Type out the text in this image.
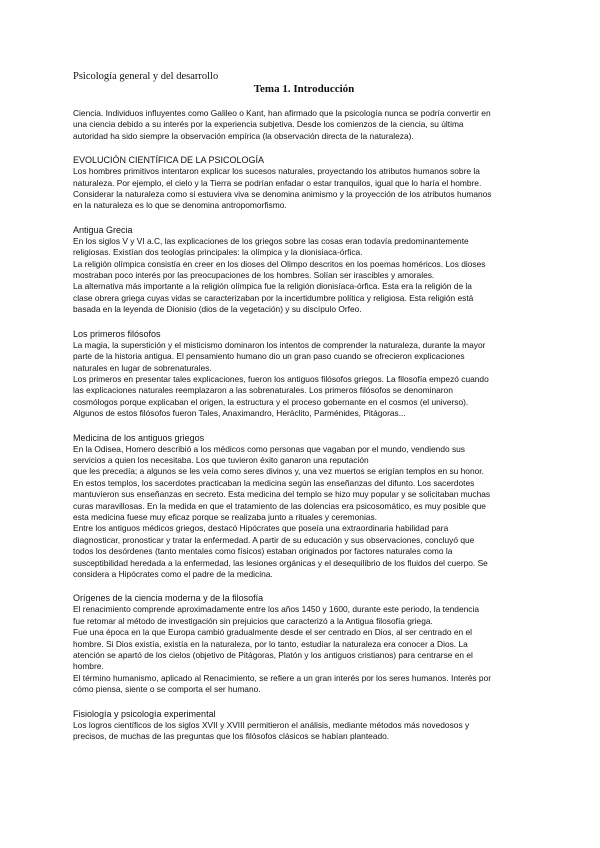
Psicología general y del desarrollo

Tema 1. Introducción

Ciencia. Individuos influyentes como Galileo o Kant, han afirmado que la psicología nunca se podría convertir en
una ciencia debido a su interés por la experiencia subjetiva. Desde los comienzos de la ciencia, su última
autoridad ha sido siempre la observación empírica (la observación directa de la naturaleza).

EVOLUCIÓN CIENTÍFICA DE LA PSICOLOGÍA

Los hombres primitivos intentaron explicar los sucesos naturales, proyectando los atributos humanos sobre la
naturaleza. Por ejemplo, el cielo y la Tierra se podrían enfadar o estar tranquilos, igual que lo haría el hombre.
Considerar la naturaleza como si estuviera viva se denomina animismo y la proyección de los atributos humanos
en la naturaleza es lo que se denomina antropomorfismo.

Antigua Grecia

En los siglos V y VI a.C, las explicaciones de los griegos sobre las cosas eran todavía predominantemente
religiosas. Existían dos teologías principales: la olímpica y la dionisiaca-órfica.
La religión olímpica consistía en creer en los dioses del Olimpo descritos en los poemas homéricos. Los dioses
mostraban poco interés por las preocupaciones de los hombres. Solían ser irascibles y amorales.
La alternativa más importante a la religión olímpica fue la religión dionisíaca-órfica. Esta era la religión de la
clase obrera griega cuyas vidas se caracterizaban por la incertidumbre política y religiosa. Esta religión está
basada en la leyenda de Dionisio (dios de la vegetación) y su discípulo Orfeo.

Los primeros filósofos

La magia, la superstición y el misticismo dominaron los intentos de comprender la naturaleza, durante la mayor
parte de la historia antigua. El pensamiento humano dio un gran paso cuando se ofrecieron explicaciones
naturales en lugar de sobrenaturales.
Los primeros en presentar tales explicaciones, fueron los antiguos filósofos griegos. La filosofía empezó cuando
las explicaciones naturales reemplazaron a las sobrenaturales. Los primeros filósofos se denominaron
cosmólogos porque explicaban el origen, la estructura y el proceso gobernante en el cosmos (el universo).
Algunos de estos filósofos fueron Tales, Anaximandro, Heráclito, Parménides, Pitágoras...

Medicina de los antiguos griegos

En la Odisea, Homero describió a los médicos como personas que vagaban por el mundo, vendiendo sus
servicios a quien los necesitaba. Los que tuvieron éxito ganaron una reputación
que les precedía; a algunos se les veía como seres divinos y, una vez muertos se erigían templos en su honor.
En estos templos, los sacerdotes practicaban la medicina según las enseñanzas del difunto. Los sacerdotes
mantuvieron sus enseñanzas en secreto. Esta medicina del templo se hizo muy popular y se solicitaban muchas
curas maravillosas. En la medida en que el tratamiento de las dolencias era psicosomático, es muy posible que
esta medicina fuese muy eficaz porque se realizaba junto a rituales y ceremonias.
Entre los antiguos médicos griegos, destacó Hipócrates que poseía una extraordinaria habilidad para
diagnosticar, pronosticar y tratar la enfermedad. A partir de su educación y sus observaciones, concluyó que
todos los desórdenes (tanto mentales como físicos) estaban originados por factores naturales como la
susceptibilidad heredada a la enfermedad, las lesiones orgánicas y el desequilibrio de los fluidos del cuerpo. Se
considera a Hipócrates como el padre de la medicina.

Orígenes de la ciencia moderna y de la filosofía

El renacimiento comprende aproximadamente entre los años 1450 y 1600, durante este periodo, la tendencia
fue retomar al método de investigación sin prejuicios que caracterizó a la Antigua filosofía griega.
Fue una época en la que Europa cambió gradualmente desde el ser centrado en Dios, al ser centrado en el
hombre. Si Dios existía, existía en la naturaleza, por lo tanto, estudiar la naturaleza era conocer a Dios. La
atención se apartó de los cielos (objetivo de Pitágoras, Platón y los antiguos cristianos) para centrarse en el
hombre.
El término humanismo, aplicado al Renacimiento, se refiere a un gran interés por los seres humanos. Interés por
cómo piensa, siente o se comporta el ser humano.

Fisiología y psicología experimental

Los logros científicos de los siglos XVII y XVIII permitieron el análisis, mediante métodos más novedosos y
precisos, de muchas de las preguntas que los filósofos clásicos se habían planteado.
